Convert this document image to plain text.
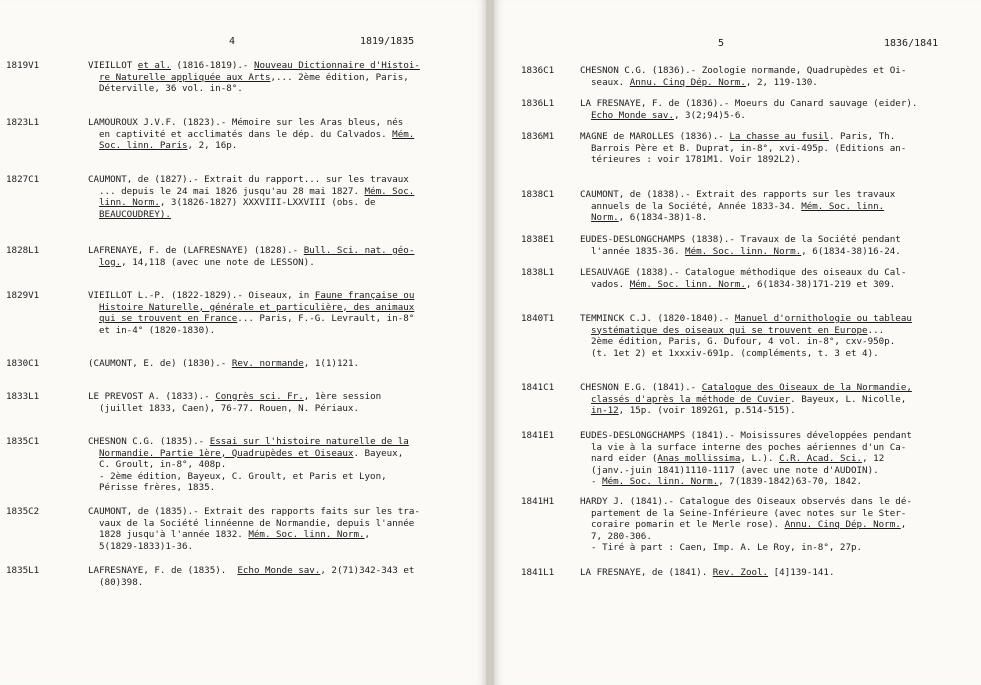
4	1819/1835
1819V1	VIEILLOT et al. (1816-1819).- Nouveau Dictionnaire d'Histoi-
re Naturelle appliquée aux Arts,... 2ème édition, Paris,
Déterville, 36 vol. in-8°.
1823L1	LAMOUROUX J.V.F. (1823).- Mémoire sur les Aras bleus, nés
en captivité et acclimatés dans le dép. du Calvados. Mém.
Soc. linn. Paris, 2, 16p.
1827C1	CAUMONT, de (1827).- Extrait du rapport... sur les travaux
... depuis le 24 mai 1826 jusqu'au 28 mai 1827. Mém. Soc.
linn. Norm., 3(1826-1827) XXXVIII-LXXVIII (obs. de
BEAUCOUDREY).
1828L1	LAFRENAYE, F. de (LAFRESNAYE) (1828).- Bull. Sci. nat. géo-
log., 14,118 (avec une note de LESSON).
1829V1	VIEILLOT L.-P. (1822-1829).- Oiseaux, in Faune française ou
Histoire Naturelle, générale et particulière, des animaux
qui se trouvent en France... Paris, F.-G. Levrault, in-8°
et in-4° (1820-1830).
1830C1	(CAUMONT, E. de) (1830).- Rev. normande, 1(1)121.
1833L1	LE PREVOST A. (1833).- Congrès sci. Fr., 1ère session
(juillet 1833, Caen), 76-77. Rouen, N. Périaux.
1835C1	CHESNON C.G. (1835).- Essai sur l'histoire naturelle de la
Normandie. Partie 1ère, Quadrupèdes et Oiseaux. Bayeux,
C. Groult, in-8°, 408p.
- 2ème édition, Bayeux, C. Groult, et Paris et Lyon,
Périsse frères, 1835.
1835C2	CAUMONT, de (1835).- Extrait des rapports faits sur les tra-
vaux de la Société linnéenne de Normandie, depuis l'année
1828 jusqu'à l'année 1832. Mém. Soc. linn. Norm.,
5(1829-1833)1-36.
1835L1	LAFRESNAYE, F. de (1835).  Echo Monde sav., 2(71)342-343 et
(80)398.
5	1836/1841
1836C1	CHESNON C.G. (1836).- Zoologie normande, Quadrupèdes et Oi-
seaux. Annu. Cinq Dép. Norm., 2, 119-130.
1836L1	LA FRESNAYE, F. de (1836).- Moeurs du Canard sauvage (eider).
Echo Monde sav., 3(2;94)5-6.
1836M1	MAGNE de MAROLLES (1836).- La chasse au fusil. Paris, Th.
Barrois Père et B. Duprat, in-8°, xvi-495p. (Editions an-
térieures : voir 1781M1. Voir 1892L2).
1838C1	CAUMONT, de (1838).- Extrait des rapports sur les travaux
annuels de la Société, Année 1833-34. Mém. Soc. linn.
Norm., 6(1834-38)1-8.
1838E1	EUDES-DESLONGCHAMPS (1838).- Travaux de la Société pendant
l'année 1835-36. Mém. Soc. linn. Norm., 6(1834-38)16-24.
1838L1	LESAUVAGE (1838).- Catalogue méthodique des oiseaux du Cal-
vados. Mém. Soc. linn. Norm., 6(1834-38)171-219 et 309.
1840T1	TEMMINCK C.J. (1820-1840).- Manuel d'ornithologie ou tableau
systématique des oiseaux qui se trouvent en Europe...
2ème édition, Paris, G. Dufour, 4 vol. in-8°, cxv-950p.
(t. 1et 2) et 1xxxiv-691p. (compléments, t. 3 et 4).
1841C1	CHESNON E.G. (1841).- Catalogue des Oiseaux de la Normandie,
classés d'après la méthode de Cuvier. Bayeux, L. Nicolle,
in-12, 15p. (voir 1892G1, p.514-515).
1841E1	EUDES-DESLONGCHAMPS (1841).- Moisissures développées pendant
la vie à la surface interne des poches aériennes d'un Ca-
nard eider (Anas mollissima, L.). C.R. Acad. Sci., 12
(janv.-juin 1841)1110-1117 (avec une note d'AUDOIN).
- Mém. Soc. linn. Norm., 7(1839-1842)63-70, 1842.
1841H1	HARDY J. (1841).- Catalogue des Oiseaux observés dans le dé-
partement de la Seine-Inférieure (avec notes sur le Ster-
coraire pomarin et le Merle rose). Annu. Cinq Dép. Norm.,
7, 280-306.
- Tiré à part : Caen, Imp. A. Le Roy, in-8°, 27p.
1841L1	LA FRESNAYE, de (1841). Rev. Zool. [4]139-141.
